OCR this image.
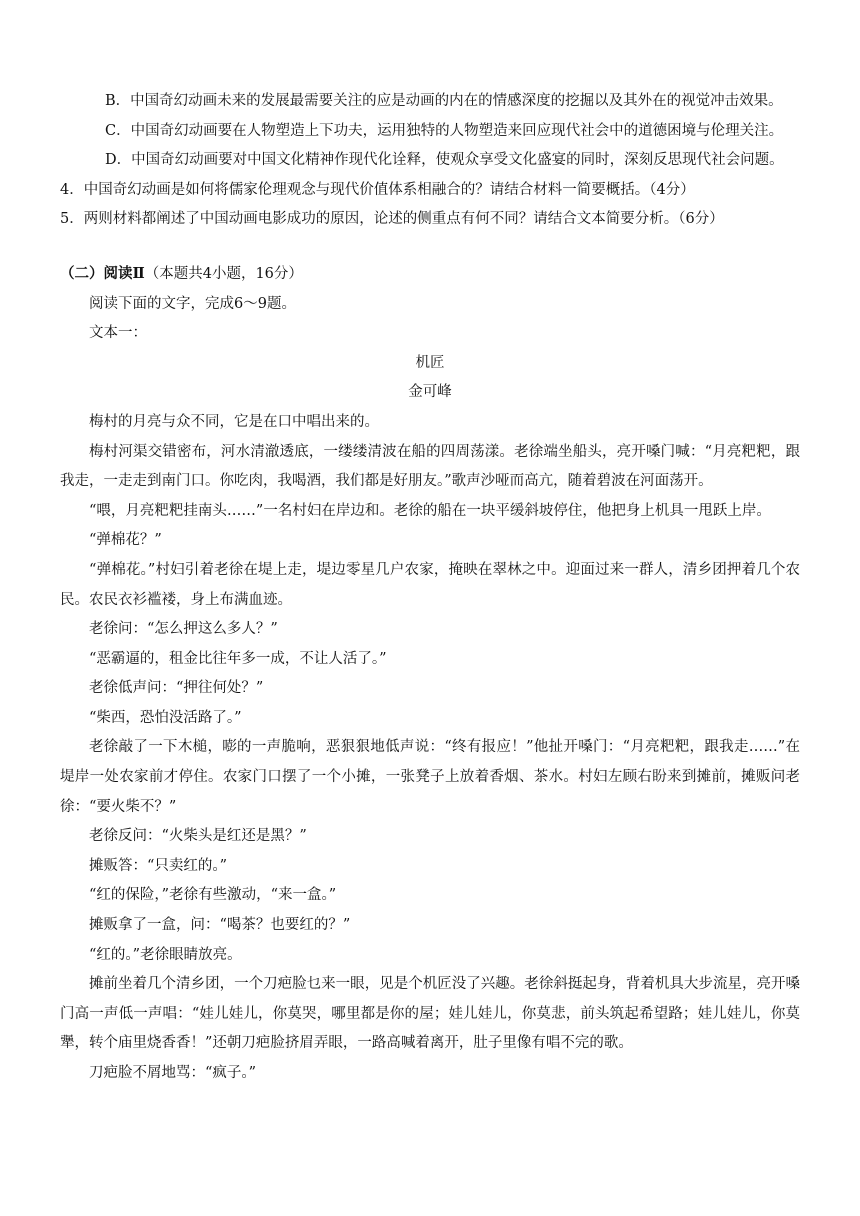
B．中国奇幻动画未来的发展最需要关注的应是动画的内在的情感深度的挖掘以及其外在的视觉冲击效果。
C．中国奇幻动画要在人物塑造上下功夫，运用独特的人物塑造来回应现代社会中的道德困境与伦理关注。
D．中国奇幻动画要对中国文化精神作现代化诠释，使观众享受文化盛宴的同时，深刻反思现代社会问题。
4．中国奇幻动画是如何将儒家伦理观念与现代价值体系相融合的？请结合材料一简要概括。（4分）
5．两则材料都阐述了中国动画电影成功的原因，论述的侧重点有何不同？请结合文本简要分析。（6分）
（二）阅读Ⅱ（本题共4小题，16分）
阅读下面的文字，完成6～9题。
文本一：
机匠
金可峰
梅村的月亮与众不同，它是在口中唱出来的。
梅村河渠交错密布，河水清澈透底，一缕缕清波在船的四周荡漾。老徐端坐船头，亮开嗓门喊：“月亮粑粑，跟我走，一走走到南门口。你吃肉，我喝酒，我们都是好朋友。”歌声沙哑而高亢，随着碧波在河面荡开。
“喂，月亮粑粑挂南头……”一名村妇在岸边和。老徐的船在一块平缓斜坡停住，他把身上机具一甩跃上岸。
“弹棉花？”
“弹棉花。”村妇引着老徐在堤上走，堤边零星几户农家，掩映在翠林之中。迎面过来一群人，清乡团押着几个农民。农民衣衫褴褛，身上布满血迹。
老徐问：“怎么押这么多人？”
“恶霸逼的，租金比往年多一成，不让人活了。”
老徐低声问：“押往何处？”
“柴西，恐怕没活路了。”
老徐敲了一下木槌，嘭的一声脆响，恶狠狠地低声说：“终有报应！”他扯开嗓门：“月亮粑粑，跟我走……”在堤岸一处农家前才停住。农家门口摆了一个小摊，一张凳子上放着香烟、茶水。村妇左顾右盼来到摊前，摊贩问老徐：“要火柴不？”
老徐反问：“火柴头是红还是黑？”
摊贩答：“只卖红的。”
“红的保险，”老徐有些激动，“来一盒。”
摊贩拿了一盒，问：“喝茶？也要红的？”
“红的。”老徐眼睛放亮。
摊前坐着几个清乡团，一个刀疤脸乜来一眼，见是个机匠没了兴趣。老徐斜挺起身，背着机具大步流星，亮开嗓门高一声低一声唱：“娃儿娃儿，你莫哭，哪里都是你的屋；娃儿娃儿，你莫悲，前头筑起希望路；娃儿娃儿，你莫犟，转个庙里烧香香！”还朝刀疤脸挤眉弄眼，一路高喊着离开，肚子里像有唱不完的歌。
刀疤脸不屑地骂：“疯子。”
